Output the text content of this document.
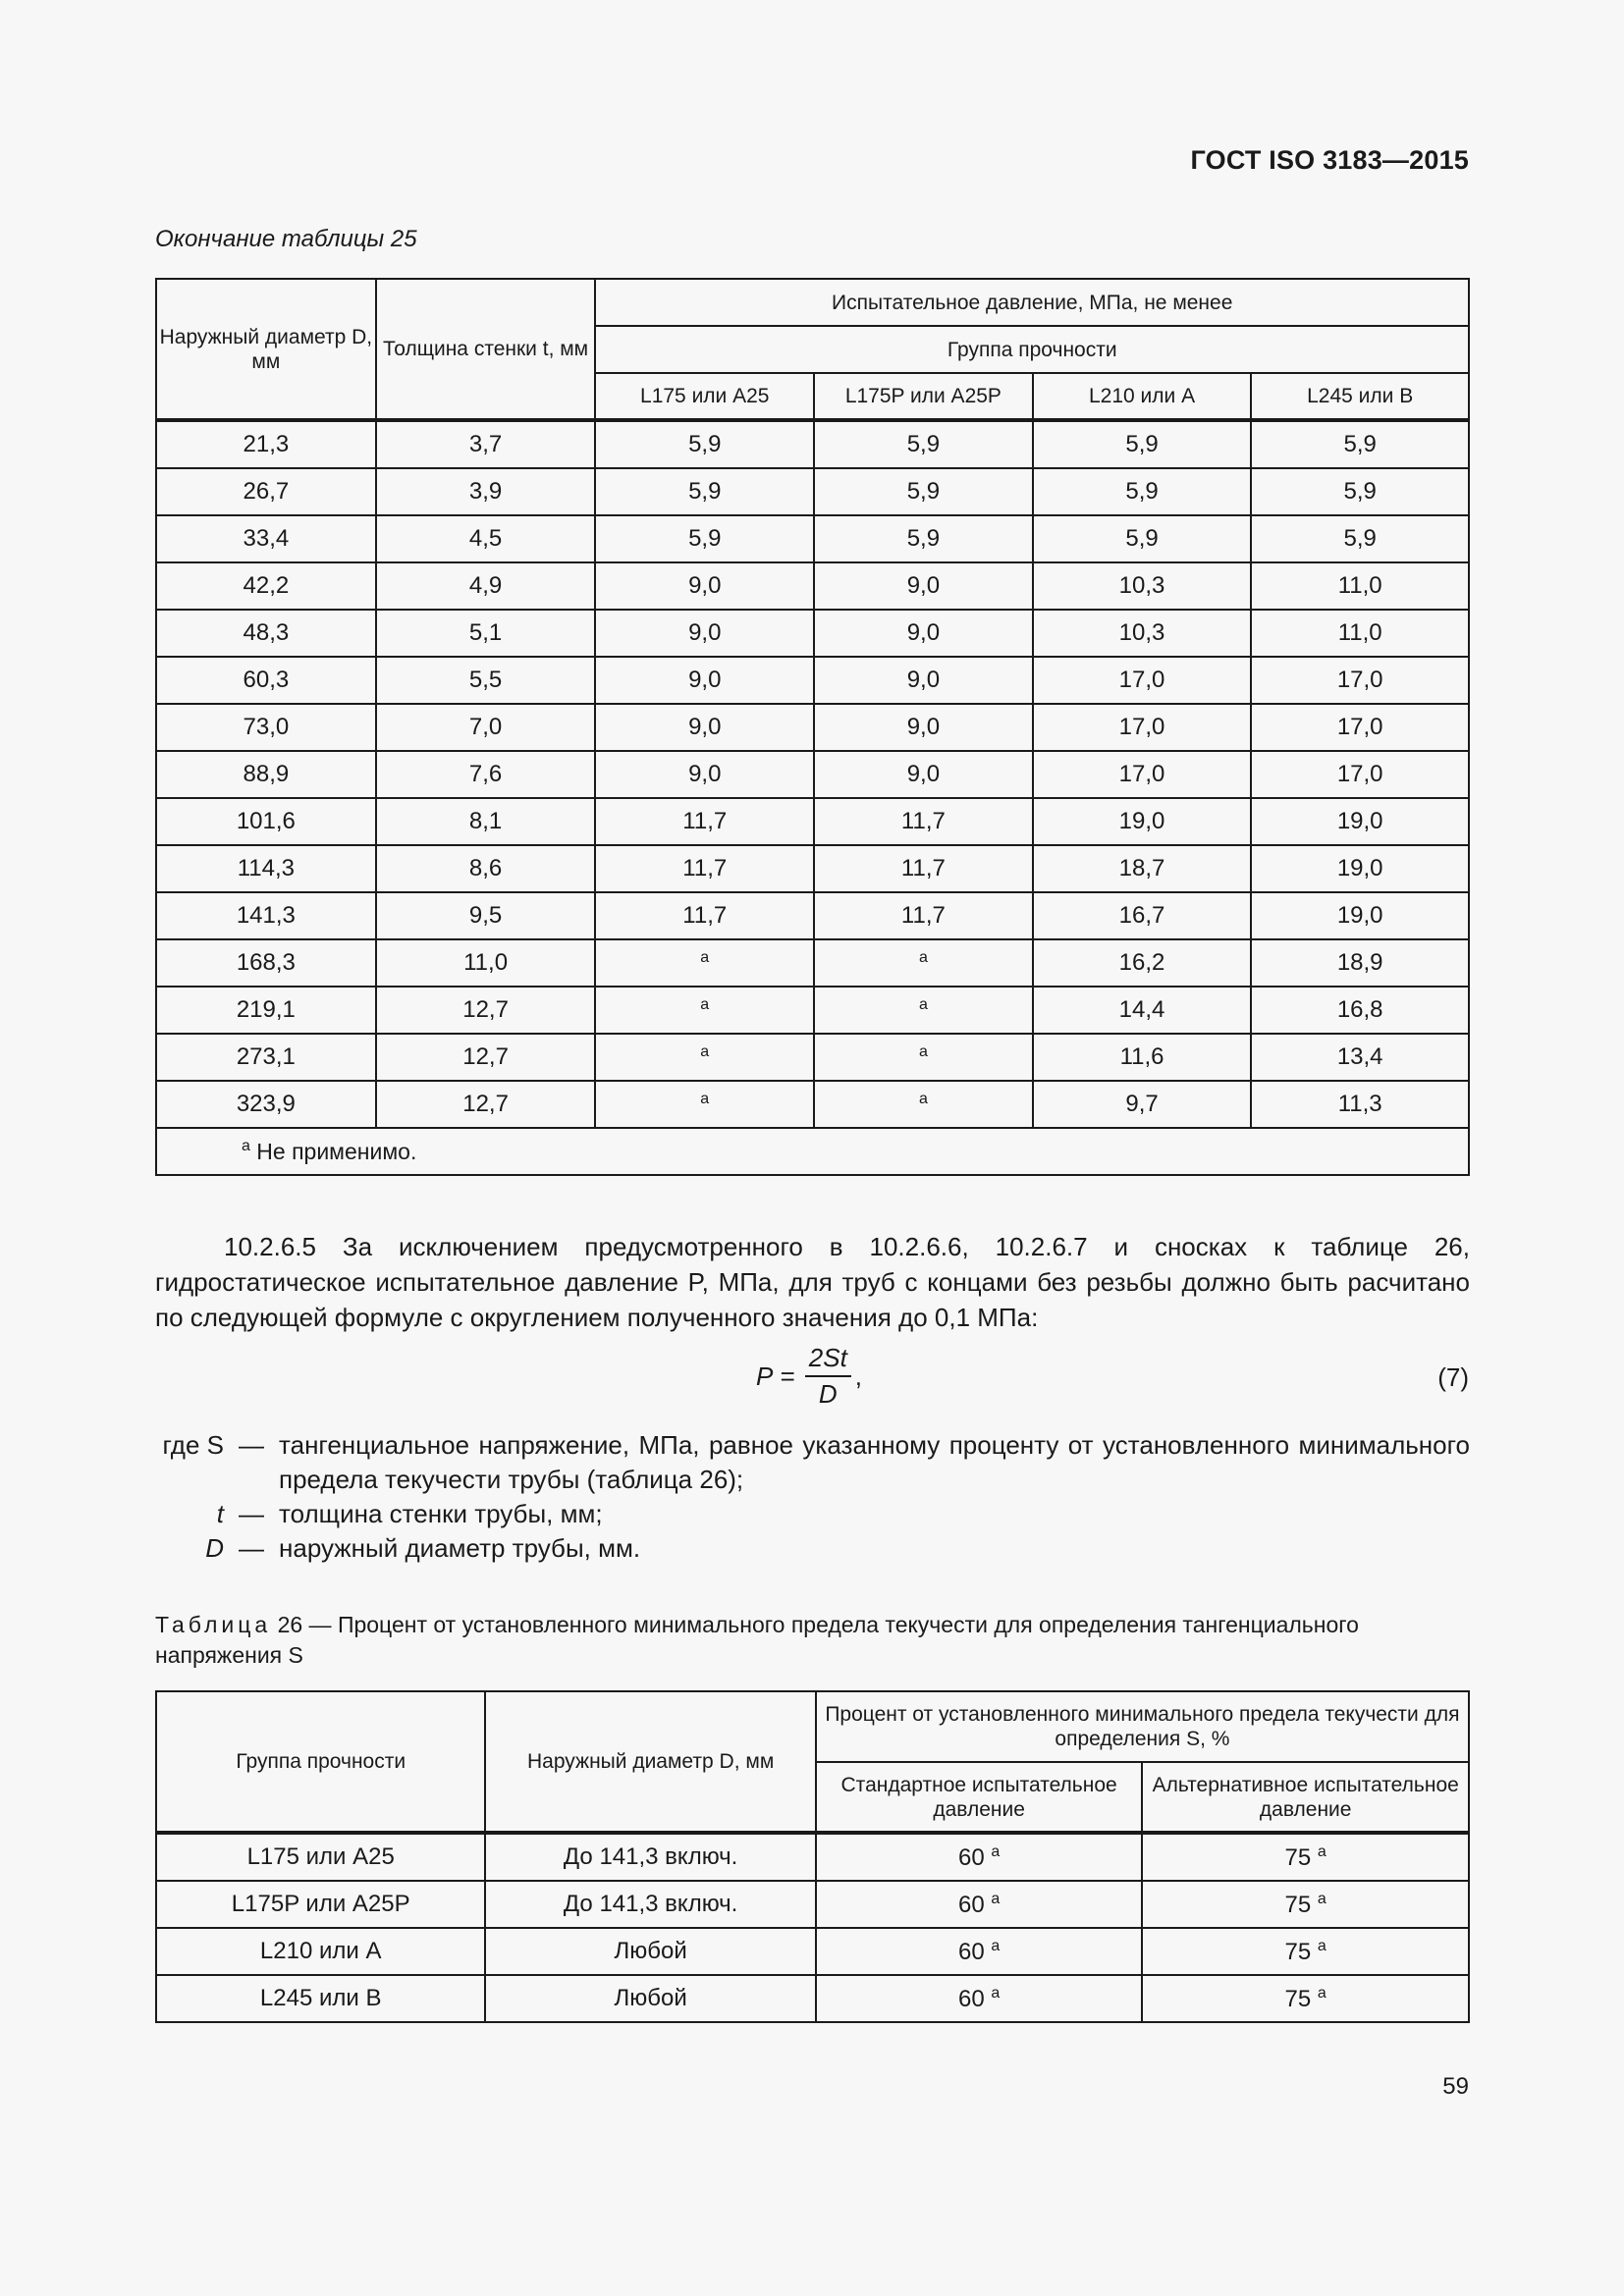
ГОСТ ISO 3183—2015
Окончание таблицы 25
Наружный диаметр D, мм	Толщина стенки t, мм	Испытательное давление, МПа, не менее			
		Группа прочности			
		L175 или A25	L175P или A25P	L210 или A	L245 или B
21,3	3,7	5,9	5,9	5,9	5,9
26,7	3,9	5,9	5,9	5,9	5,9
33,4	4,5	5,9	5,9	5,9	5,9
42,2	4,9	9,0	9,0	10,3	11,0
48,3	5,1	9,0	9,0	10,3	11,0
60,3	5,5	9,0	9,0	17,0	17,0
73,0	7,0	9,0	9,0	17,0	17,0
88,9	7,6	9,0	9,0	17,0	17,0
101,6	8,1	11,7	11,7	19,0	19,0
114,3	8,6	11,7	11,7	18,7	19,0
141,3	9,5	11,7	11,7	16,7	19,0
168,3	11,0	$^a$	$^a$	16,2	18,9
219,1	12,7	$^a$	$^a$	14,4	16,8
273,1	12,7	$^a$	$^a$	11,6	13,4
323,9	12,7	$^a$	$^a$	9,7	11,3
$^a$ Не применимо.					
10.2.6.5 За исключением предусмотренного в 10.2.6.6, 10.2.6.7 и сносках к таблице 26, гидростатическое испытательное давление P, МПа, для труб с концами без резьбы должно быть расчитано по следующей формуле с округлением полученного значения до 0,1 МПа:
P
= $\frac{2St}{D}$ ,	(7)
где S — тангенциальное напряжение, МПа, равное указанному проценту от установленного минимального предела текучести трубы (таблица 26);
t — толщина стенки трубы, мм;
D — наружный диаметр трубы, мм.
Таблица 26 — Процент от установленного минимального предела текучести для определения тангенциального напряжения S
Группа прочности	Наружный диаметр D, мм	Процент от установленного минимального предела текучести для определения S, %	
		Стандартное испытательное давление	Альтернативное испытательное давление
L175 или A25	До 141,3 включ.	60 $^a$	75 $^a$
L175P или A25P	До 141,3 включ.	60 $^a$	75 $^a$
L210 или A	Любой	60 $^a$	75 $^a$
L245 или B	Любой	60 $^a$	75 $^a$
59
